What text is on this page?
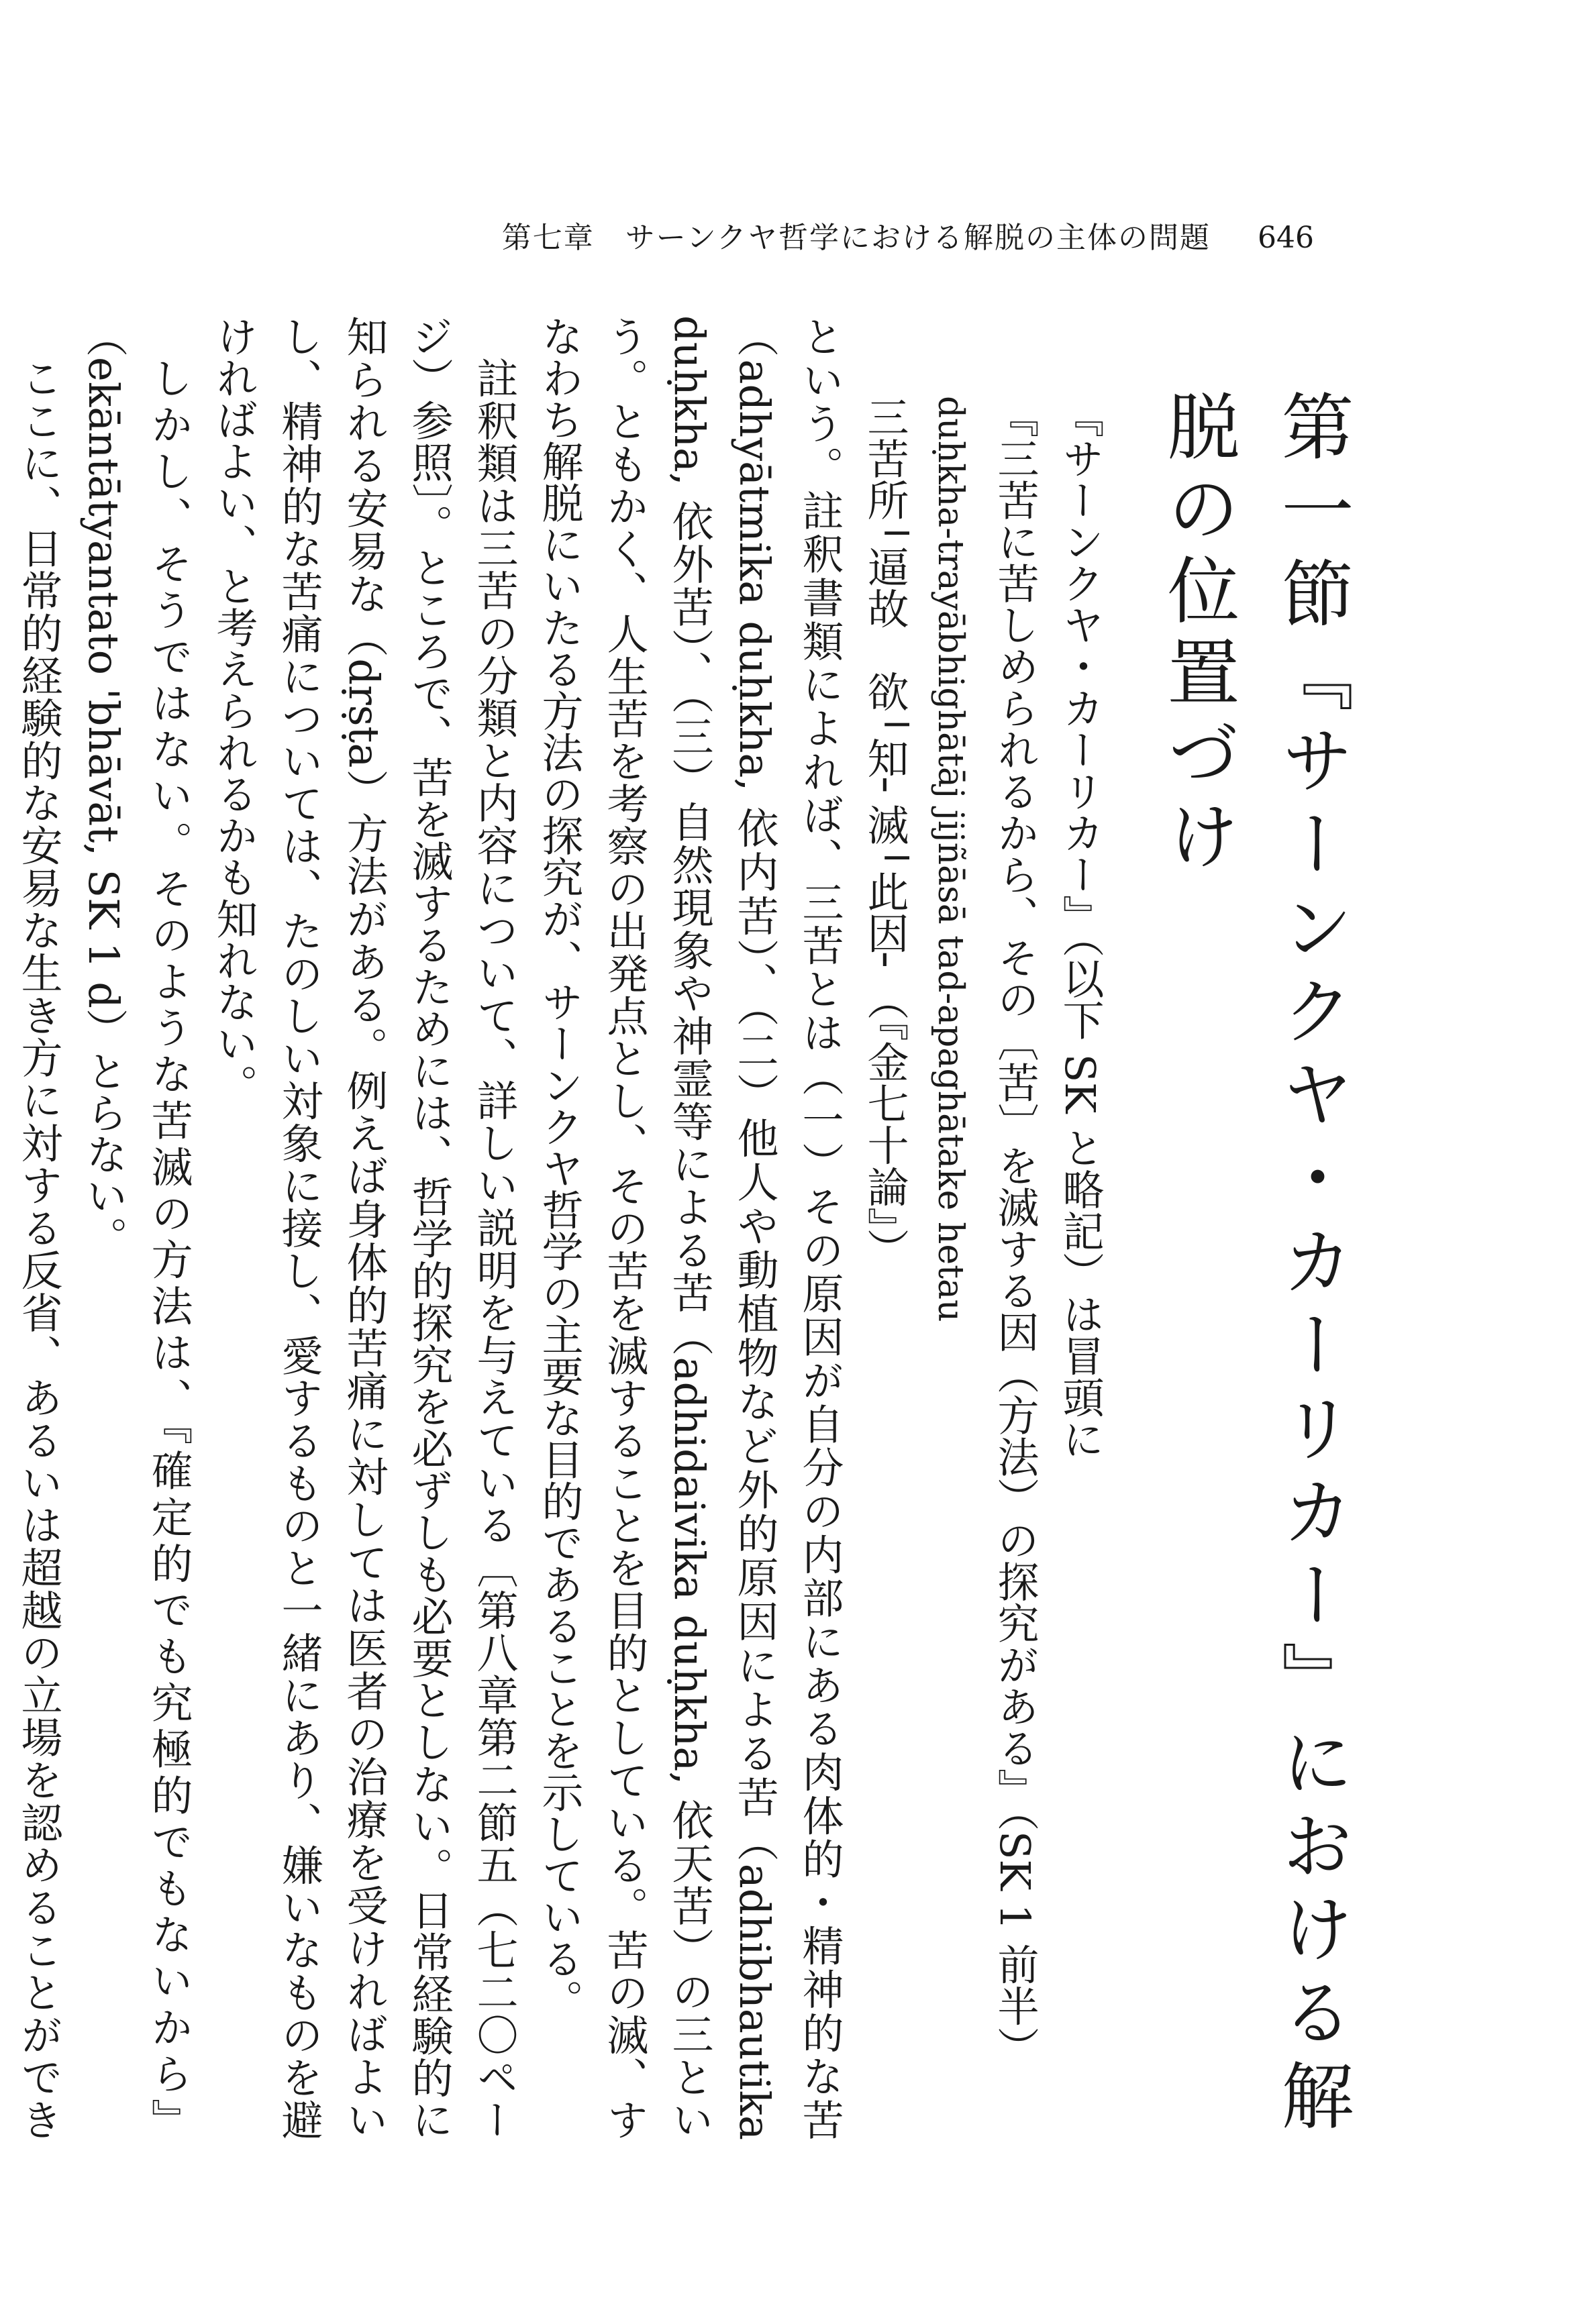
第七章　サーンクヤ哲学における解脱の主体の問題 646

第一節『サーンクヤ・カーリカー』における解脱の位置づけ

『サーンクヤ・カーリカー』（以下 SK と略記）は冒頭に

『三苦に苦しめられるから、その〔苦〕を滅する因（方法）の探究がある』（SK 1 前半）

duḥkha-trayābhighātāj jijñāsā tad-apaghātake hetau

三苦所╵逼故　欲╵知╴滅╵此因╴（『金七十論』）

という。註釈書類によれば、三苦とは（一）その原因が自分の内部にある肉体的・精神的な苦（adhyātmika duḥkha, 依内苦）、（二）他人や動植物など外的原因による苦（adhibhautika duḥkha, 依外苦）、（三）自然現象や神霊等による苦（adhidaivika duḥkha, 依天苦）の三という。ともかく、人生苦を考察の出発点とし、その苦を滅することを目的としている。苦の滅、すなわち解脱にいたる方法の探究が、サーンクヤ哲学の主要な目的であることを示している。

註釈類は三苦の分類と内容について、詳しい説明を与えている〔第八章第二節五（七二〇ページ）参照〕。ところで、苦を滅するためには、哲学的探究を必ずしも必要としない。日常経験的に知られる安易な（dṛṣṭa）方法がある。例えば身体的苦痛に対しては医者の治療を受ければよいし、精神的な苦痛については、たのしい対象に接し、愛するものと一緒にあり、嫌いなものを避ければよい、と考えられるかも知れない。

しかし、そうではない。そのような苦滅の方法は、『確定的でも究極的でもないから』（ekāntātyantato 'bhāvāt, SK 1 d）とらない。

ここに、日常的経験的な安易な生き方に対する反省、あるいは超越の立場を認めることができ
